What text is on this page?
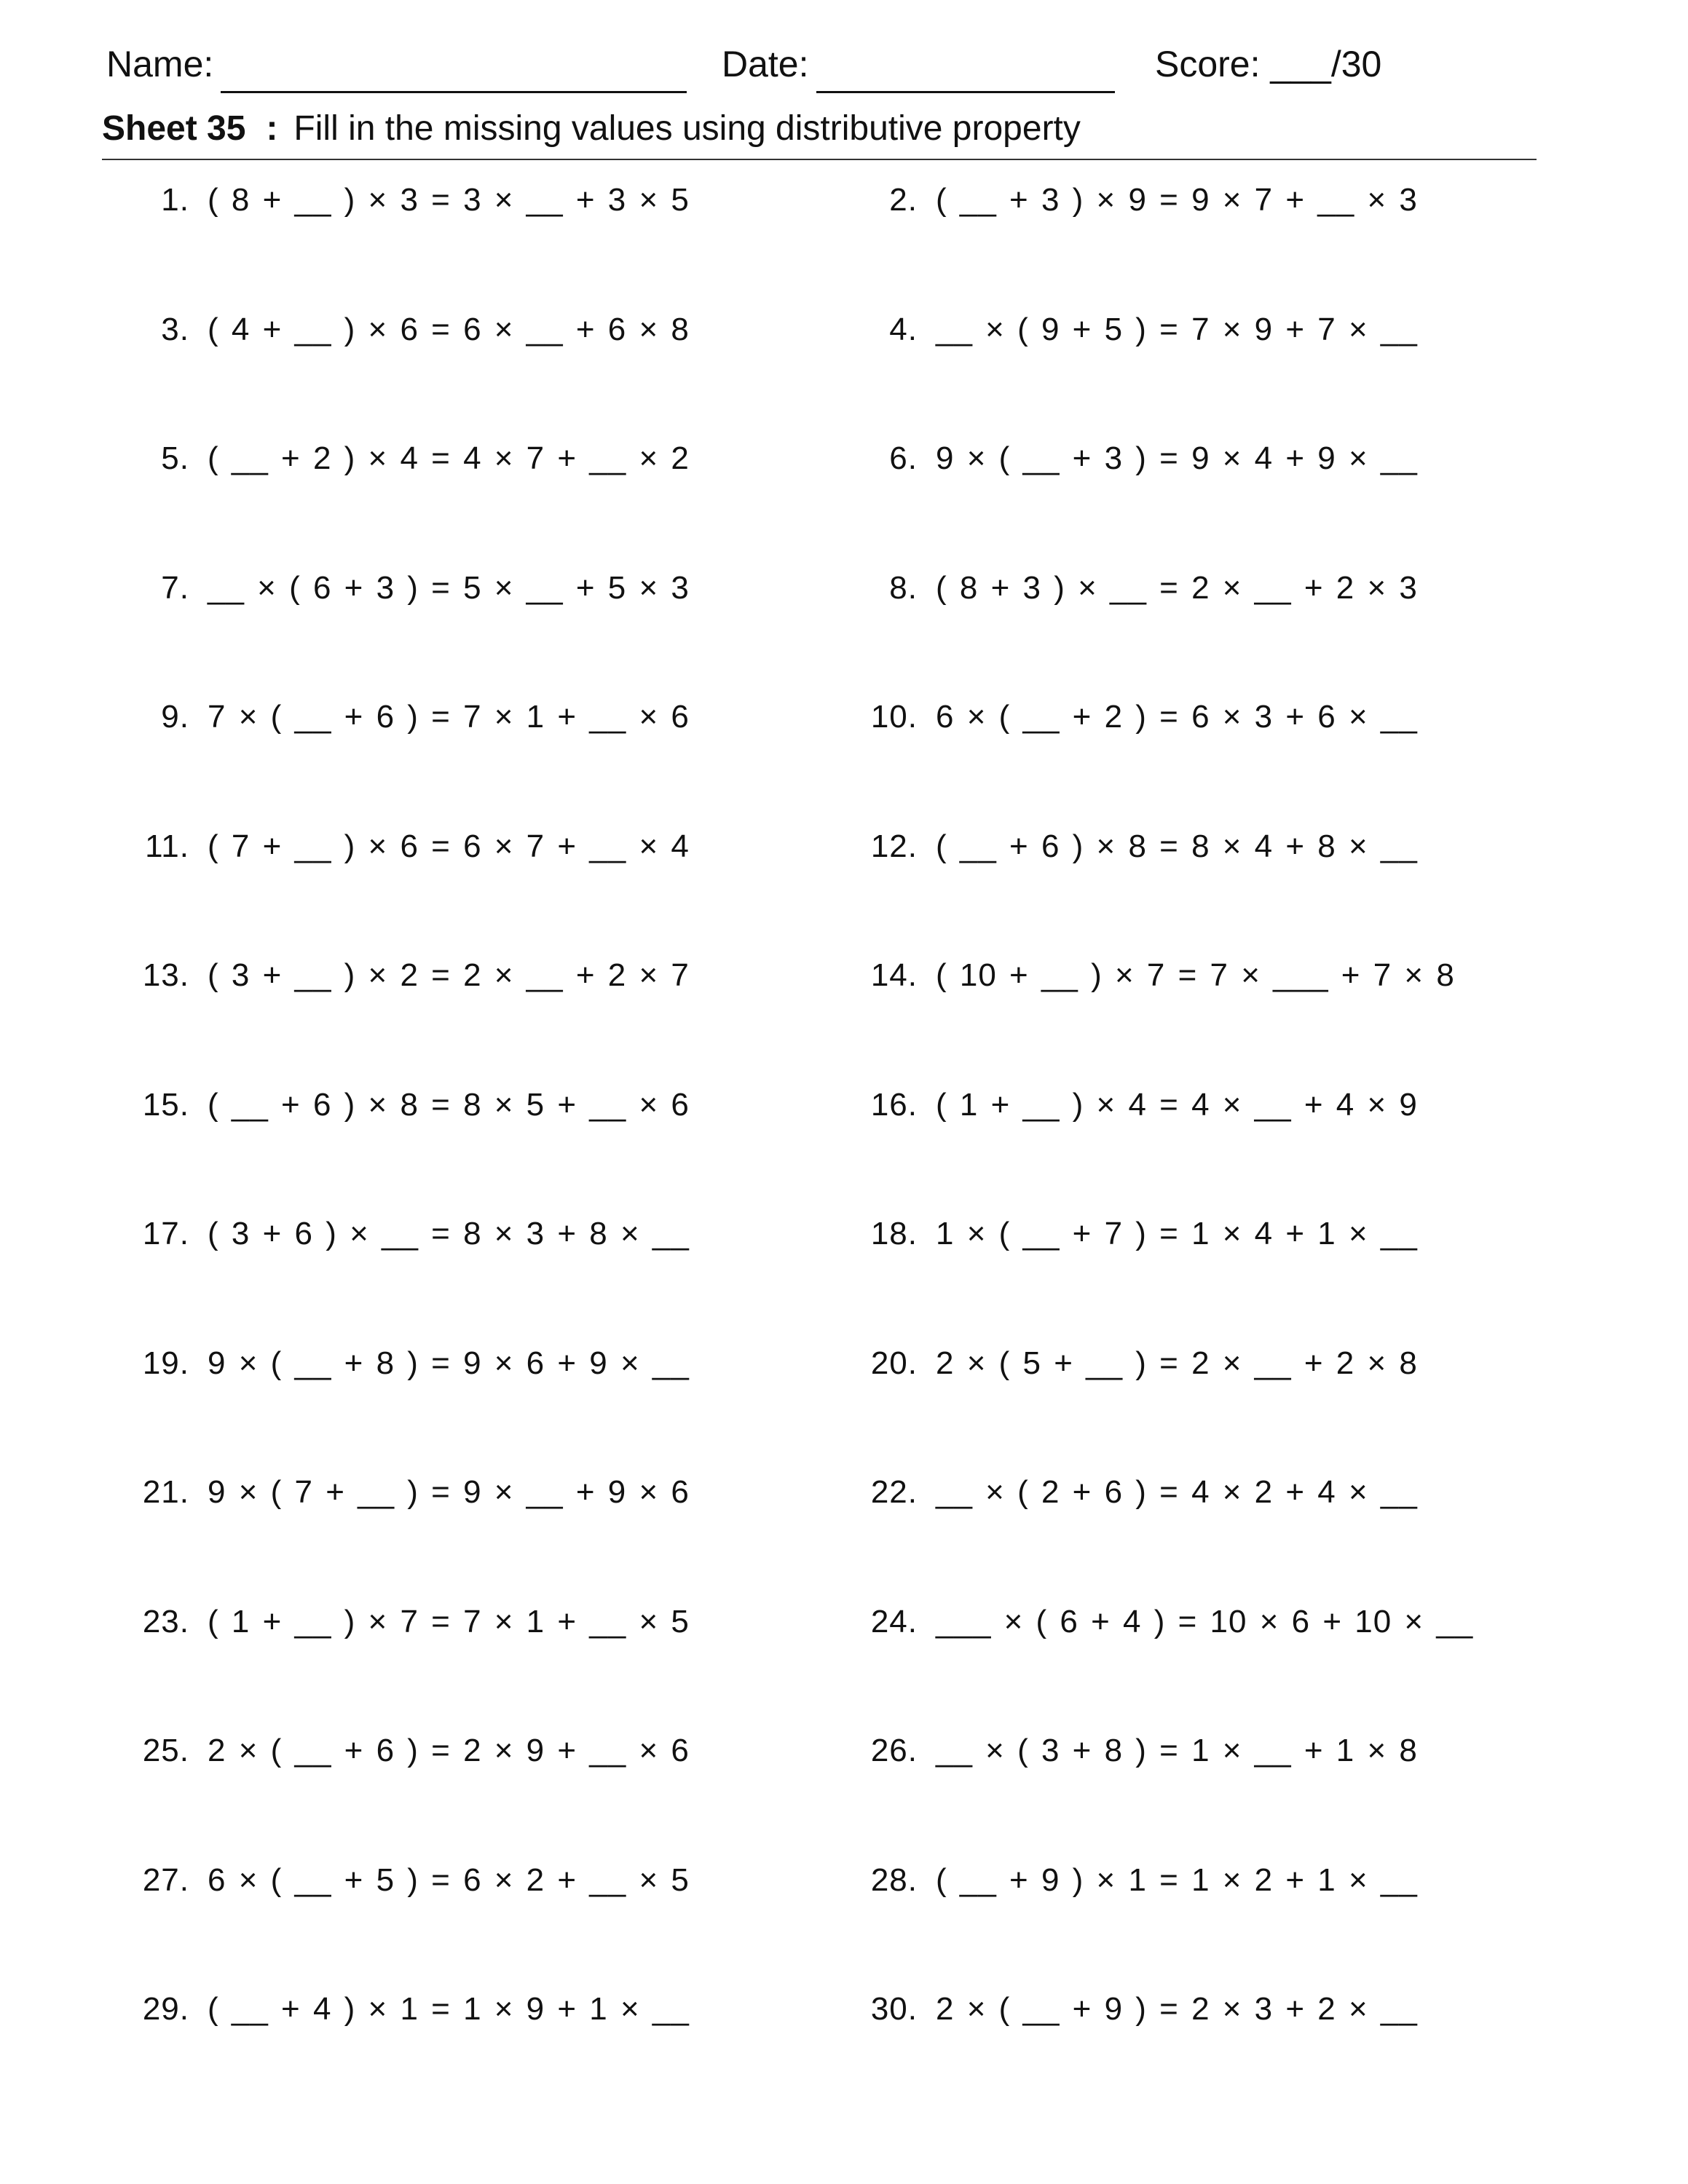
Name:	Date:	Score: ___/30
Sheet 35 : Fill in the missing values using distributive property
1. ( 8 + __ ) × 3 = 3 × __ + 3 × 5	2. ( __ + 3 ) × 9 = 9 × 7 + __ × 3
3. ( 4 + __ ) × 6 = 6 × __ + 6 × 8	4. __ × ( 9 + 5 ) = 7 × 9 + 7 × __
5. ( __ + 2 ) × 4 = 4 × 7 + __ × 2	6. 9 × ( __ + 3 ) = 9 × 4 + 9 × __
7. __ × ( 6 + 3 ) = 5 × __ + 5 × 3	8. ( 8 + 3 ) × __ = 2 × __ + 2 × 3
9. 7 × ( __ + 6 ) = 7 × 1 + __ × 6	10. 6 × ( __ + 2 ) = 6 × 3 + 6 × __
11. ( 7 + __ ) × 6 = 6 × 7 + __ × 4	12. ( __ + 6 ) × 8 = 8 × 4 + 8 × __
13. ( 3 + __ ) × 2 = 2 × __ + 2 × 7	14. ( 10 + __ ) × 7 = 7 × ___ + 7 × 8
15. ( __ + 6 ) × 8 = 8 × 5 + __ × 6	16. ( 1 + __ ) × 4 = 4 × __ + 4 × 9
17. ( 3 + 6 ) × __ = 8 × 3 + 8 × __	18. 1 × ( __ + 7 ) = 1 × 4 + 1 × __
19. 9 × ( __ + 8 ) = 9 × 6 + 9 × __	20. 2 × ( 5 + __ ) = 2 × __ + 2 × 8
21. 9 × ( 7 + __ ) = 9 × __ + 9 × 6	22. __ × ( 2 + 6 ) = 4 × 2 + 4 × __
23. ( 1 + __ ) × 7 = 7 × 1 + __ × 5	24. ___ × ( 6 + 4 ) = 10 × 6 + 10 × __
25. 2 × ( __ + 6 ) = 2 × 9 + __ × 6	26. __ × ( 3 + 8 ) = 1 × __ + 1 × 8
27. 6 × ( __ + 5 ) = 6 × 2 + __ × 5	28. ( __ + 9 ) × 1 = 1 × 2 + 1 × __
29. ( __ + 4 ) × 1 = 1 × 9 + 1 × __	30. 2 × ( __ + 9 ) = 2 × 3 + 2 × __
